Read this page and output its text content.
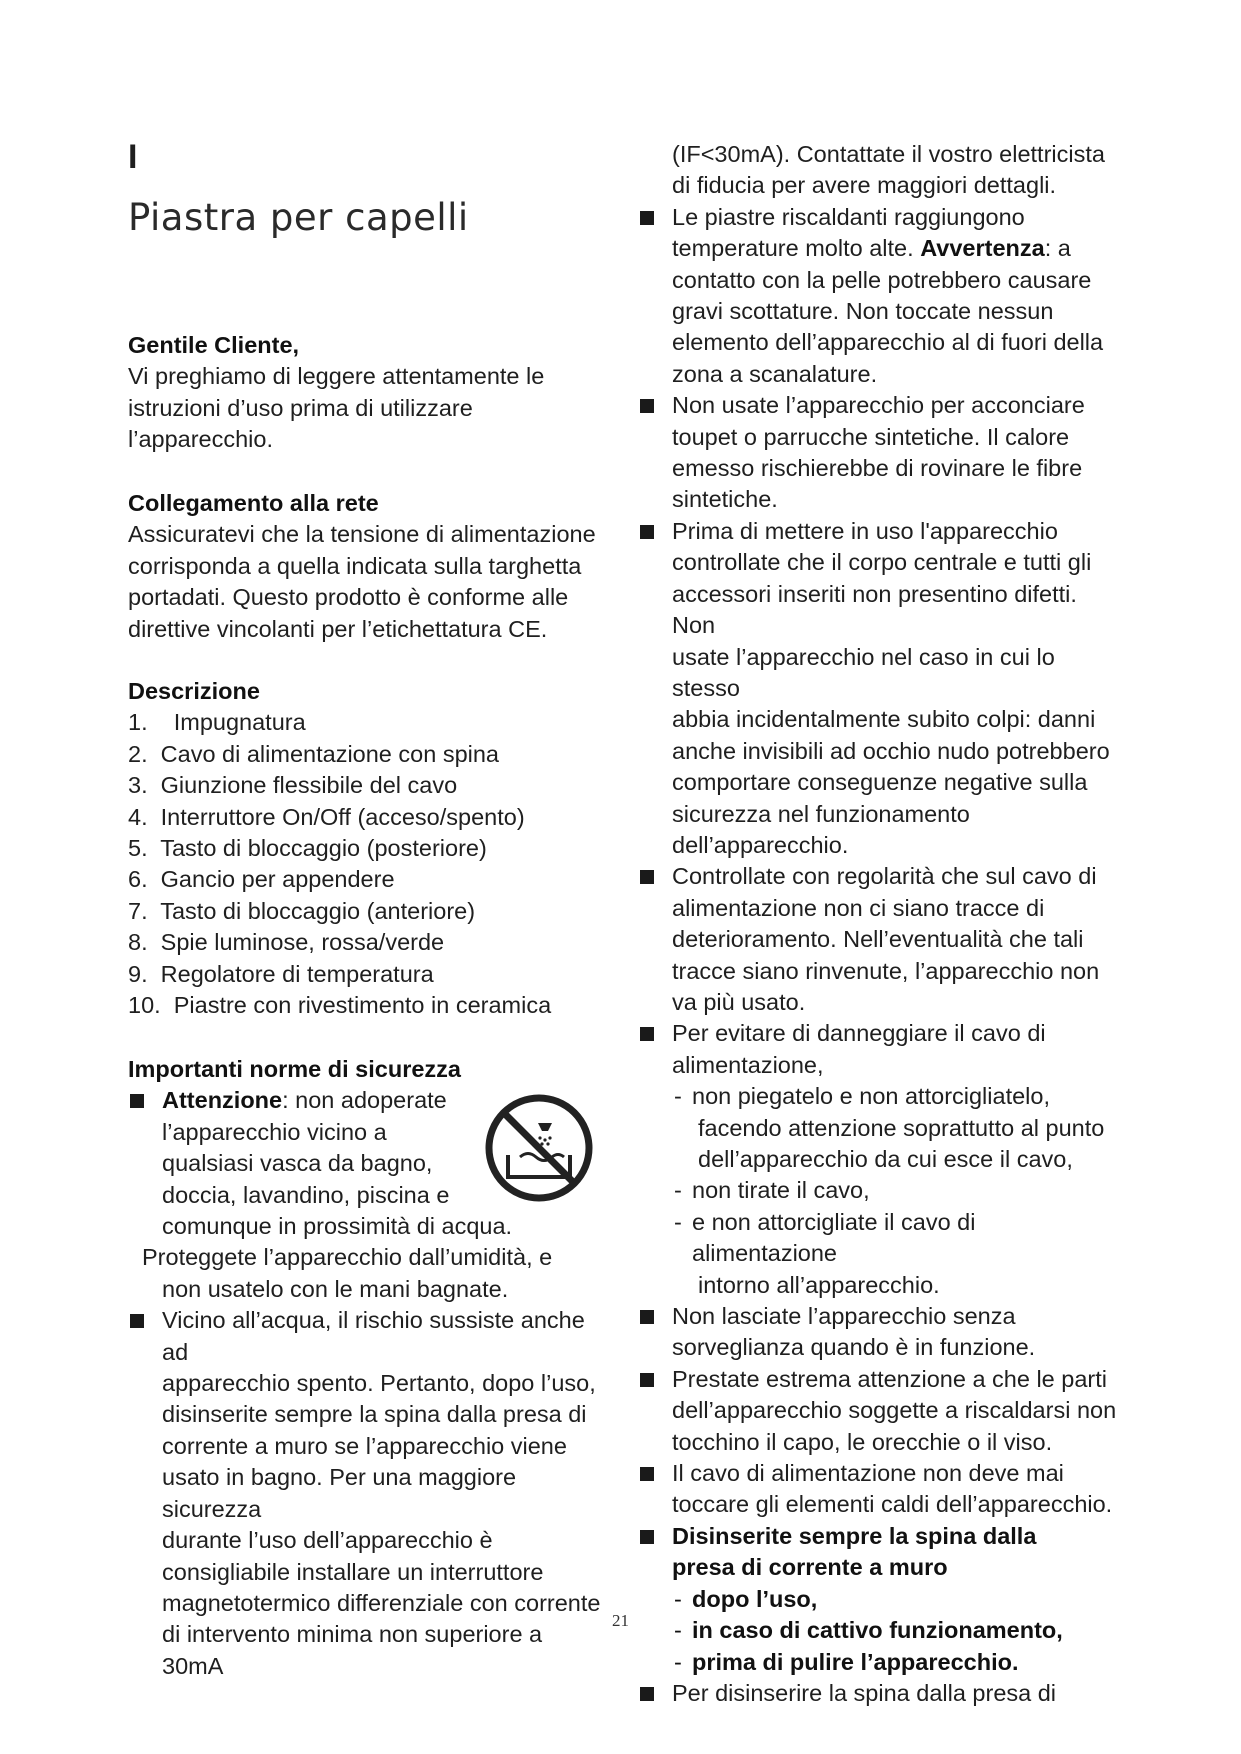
I
Piastra per capelli
Gentile Cliente,
Vi preghiamo di leggere attentamente le
istruzioni d’uso prima di utilizzare
l’apparecchio.
Collegamento alla rete
Assicuratevi che la tensione di alimentazione
corrisponda a quella indicata sulla targhetta
portadati. Questo prodotto è conforme alle
direttive vincolanti per l’etichettatura CE.
Descrizione
1.    Impugnatura
2.  Cavo di alimentazione con spina
3.  Giunzione flessibile del cavo
4.  Interruttore On/Off (acceso/spento)
5.  Tasto di bloccaggio (posteriore)
6.  Gancio per appendere
7.  Tasto di bloccaggio (anteriore)
8.  Spie luminose, rossa/verde
9.  Regolatore di temperatura
10.  Piastre con rivestimento in ceramica
Importanti norme di sicurezza
Attenzione: non adoperate
l’apparecchio vicino a
qualsiasi vasca da bagno,
doccia, lavandino, piscina e
comunque in prossimità di acqua.
Proteggete l’apparecchio dall’umidità, e
non usatelo con le mani bagnate.
Vicino all’acqua, il rischio sussiste anche ad
apparecchio spento. Pertanto, dopo l’uso,
disinserite sempre la spina dalla presa di
corrente a muro se l’apparecchio viene
usato in bagno. Per una maggiore sicurezza
durante l’uso dell’apparecchio è
consigliabile installare un interruttore
magnetotermico differenziale con corrente
di intervento minima non superiore a 30mA
(IF<30mA). Contattate il vostro elettricista
di fiducia per avere maggiori dettagli.
Le piastre riscaldanti raggiungono
temperature molto alte. Avvertenza: a
contatto con la pelle potrebbero causare
gravi scottature. Non toccate nessun
elemento dell’apparecchio al di fuori della
zona a scanalature.
Non usate l’apparecchio per acconciare
toupet o parrucche sintetiche. Il calore
emesso rischierebbe di rovinare le fibre
sintetiche.
Prima di mettere in uso l'apparecchio
controllate che il corpo centrale e tutti gli
accessori inseriti non presentino difetti. Non
usate l’apparecchio nel caso in cui lo stesso
abbia incidentalmente subito colpi: danni
anche invisibili ad occhio nudo potrebbero
comportare conseguenze negative sulla
sicurezza nel funzionamento
dell’apparecchio.
Controllate con regolarità che sul cavo di
alimentazione non ci siano tracce di
deterioramento. Nell’eventualità che tali
tracce siano rinvenute, l’apparecchio non
va più usato.
Per evitare di danneggiare il cavo di
alimentazione,
- non piegatelo e non attorcigliatelo,
facendo attenzione soprattutto al punto
dell’apparecchio da cui esce il cavo,
- non tirate il cavo,
- e non attorcigliate il cavo di alimentazione
intorno all’apparecchio.
Non lasciate l’apparecchio senza
sorveglianza quando è in funzione.
Prestate estrema attenzione a che le parti
dell’apparecchio soggette a riscaldarsi non
tocchino il capo, le orecchie o il viso.
Il cavo di alimentazione non deve mai
toccare gli elementi caldi dell’apparecchio.
Disinserite sempre la spina dalla
presa di corrente a muro
- dopo l’uso,
- in caso di cattivo funzionamento,
- prima di pulire l’apparecchio.
Per disinserire la spina dalla presa di
21
